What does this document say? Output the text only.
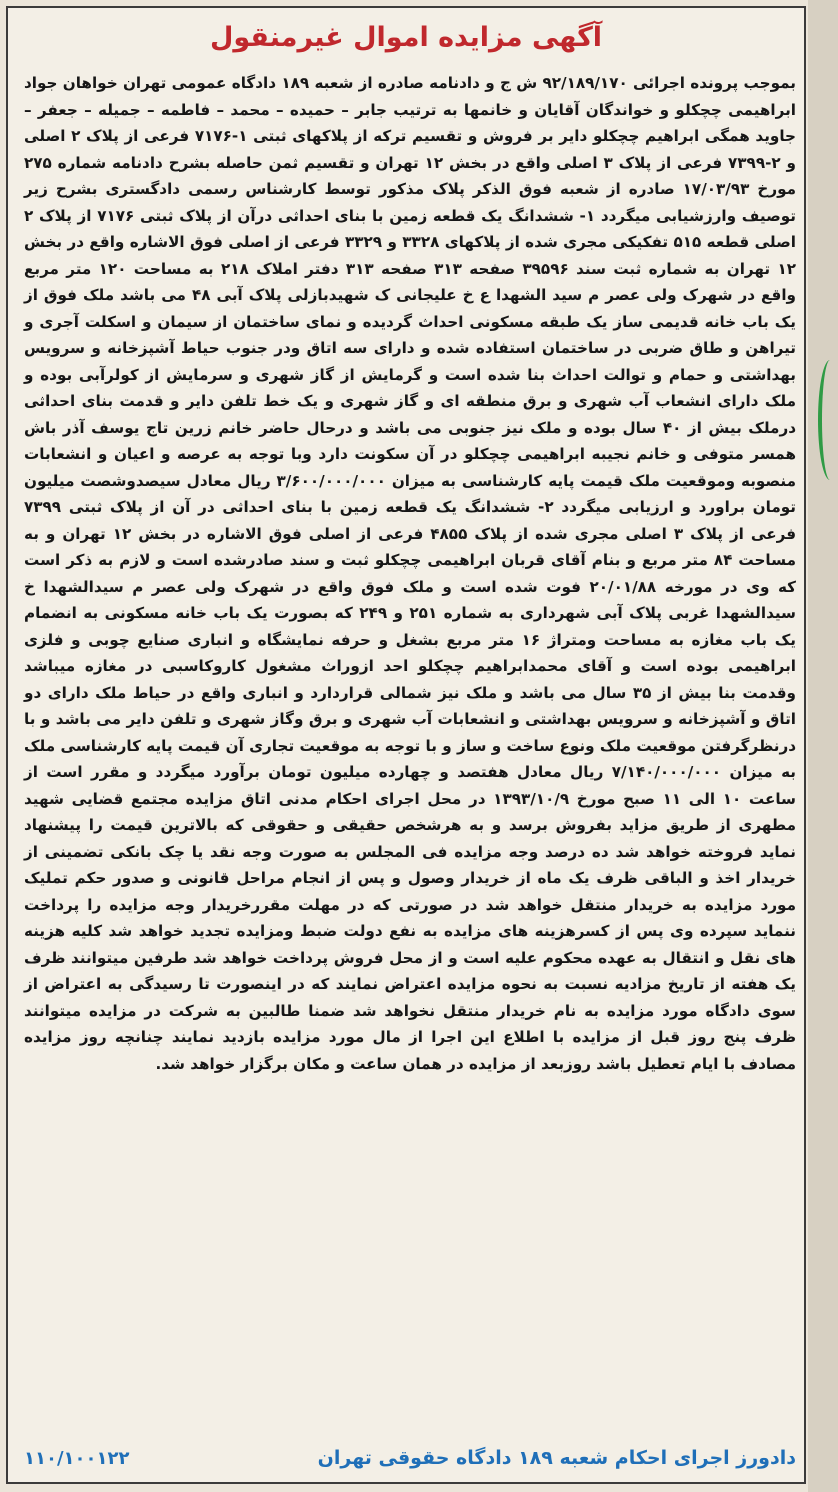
آگهی مزایده اموال غیرمنقول
بموجب پرونده اجرائی ۹۲/۱۸۹/۱۷۰ ش ج و دادنامه صادره از شعبه ۱۸۹ دادگاه عمومی تهران خواهان جواد ابراهیمی چچکلو و خواندگان آقایان و خانمها به ترتیب جابر – حمیده – محمد – فاطمه – جمیله – جعفر – جاوید همگی ابراهیم چچکلو دایر بر فروش و تقسیم ترکه از پلاکهای ثبتی ۱-۷۱۷۶ فرعی از پلاک ۲ اصلی و ۲-۷۳۹۹ فرعی از پلاک ۳ اصلی واقع در بخش ۱۲ تهران و تقسیم ثمن حاصله بشرح دادنامه شماره ۲۷۵ مورخ ۱۷/۰۳/۹۳ صادره از شعبه فوق الذکر پلاک مذکور توسط کارشناس رسمی دادگستری بشرح زیر توصیف وارزشیابی میگردد ۱- ششدانگ یک قطعه زمین با بنای احداثی درآن از پلاک ثبتی ۷۱۷۶ از پلاک ۲ اصلی قطعه ۵۱۵ تفکیکی مجری شده از پلاکهای ۳۳۲۸ و ۳۳۲۹ فرعی از اصلی فوق الاشاره واقع در بخش ۱۲ تهران به شماره ثبت سند ۳۹۵۹۶ صفحه ۳۱۳ صفحه ۳۱۳ دفتر املاک ۲۱۸ به مساحت ۱۲۰ متر مربع واقع در شهرک ولی عصر م سید الشهدا ع خ علیجانی ک شهیدبازلی پلاک آبی ۴۸ می باشد ملک فوق از یک باب خانه قدیمی ساز یک طبقه مسکونی احداث گردیده و نمای ساختمان از سیمان و اسکلت آجری و تیراهن و طاق ضربی در ساختمان استفاده شده و دارای سه اتاق ودر جنوب حیاط آشپزخانه و سرویس بهداشتی و حمام و توالت احداث بنا شده است و گرمایش از گاز شهری و سرمایش از کولرآبی بوده و ملک دارای انشعاب آب شهری و برق منطقه ای و گاز شهری و یک خط تلفن دایر و قدمت بنای احداثی درملک بیش از ۴۰ سال بوده و ملک نیز جنوبی می باشد و درحال حاضر خانم زرین تاج یوسف آذر باش همسر متوفی و خانم نجیبه ابراهیمی چچکلو در آن سکونت دارد وبا توجه به عرصه و اعیان و انشعابات منصوبه وموقعیت ملک قیمت پایه کارشناسی به میزان ۳/۶۰۰/۰۰۰/۰۰۰ ریال معادل سیصدوشصت میلیون تومان براورد و ارزیابی میگردد ۲- ششدانگ یک قطعه زمین با بنای احداثی در آن از پلاک ثبتی ۷۳۹۹ فرعی از پلاک ۳ اصلی مجری شده از پلاک ۴۸۵۵ فرعی از اصلی فوق الاشاره در بخش ۱۲ تهران و به مساحت ۸۴ متر مربع و بنام آقای قربان ابراهیمی چچکلو ثبت و سند صادرشده است و لازم به ذکر است که وی در مورخه ۲۰/۰۱/۸۸ فوت شده است و ملک فوق واقع در شهرک ولی عصر م سیدالشهدا خ سیدالشهدا غربی پلاک آبی شهرداری به شماره ۲۵۱ و ۲۴۹ که بصورت یک باب خانه مسکونی به انضمام یک باب مغازه به مساحت ومتراژ ۱۶ متر مربع بشغل و حرفه نمایشگاه و انباری صنایع چوبی و فلزی ابراهیمی بوده است و آقای محمدابراهیم چچکلو احد ازوراث مشغول کاروکاسبی در مغازه میباشد وقدمت بنا بیش از ۳۵ سال می باشد و ملک نیز شمالی قراردارد و انباری واقع در حیاط ملک دارای دو اتاق و آشپزخانه و سرویس بهداشتی و انشعابات آب شهری و برق وگاز شهری و تلفن دایر می باشد و با درنظرگرفتن موقعیت ملک ونوع ساخت و ساز و با توجه به موقعیت تجاری آن قیمت پایه کارشناسی ملک به میزان ۷/۱۴۰/۰۰۰/۰۰۰ ریال معادل هفتصد و چهارده میلیون تومان برآورد میگردد و مقرر است از ساعت ۱۰ الی ۱۱ صبح مورخ ۱۳۹۳/۱۰/۹ در محل اجرای احکام مدنی اتاق مزایده مجتمع قضایی شهید مطهری از طریق مزاید بفروش برسد و به هرشخص حقیقی و حقوقی که بالاترین قیمت را پیشنهاد نماید فروخته خواهد شد ده درصد وجه مزایده فی المجلس به صورت وجه نقد یا چک بانکی تضمینی از خریدار اخذ و الباقی ظرف یک ماه از خریدار وصول و پس از انجام مراحل قانونی و صدور حکم تملیک مورد مزایده به خریدار منتقل خواهد شد در صورتی که در مهلت مقررخریدار وجه مزایده را پرداخت ننماید سپرده وی پس از کسرهزینه های مزایده به نفع دولت ضبط ومزایده تجدید خواهد شد کلیه هزینه های نقل و انتقال به عهده محکوم علیه است و از محل فروش پرداخت خواهد شد طرفین میتوانند ظرف یک هفته از تاریخ مزادیه نسبت به نحوه مزایده اعتراض نمایند که در اینصورت تا رسیدگی به اعتراض از سوی دادگاه مورد مزایده به نام خریدار منتقل نخواهد شد ضمنا طالبین به شرکت در مزایده میتوانند ظرف پنج روز قبل از مزایده با اطلاع این اجرا از مال مورد مزایده بازدید نمایند چنانچه روز مزایده مصادف با ایام تعطیل باشد روزبعد از مزایده در همان ساعت و مکان برگزار خواهد شد.
دادورز اجرای احکام شعبه ۱۸۹ دادگاه حقوقی تهران
۱۱۰/۱۰۰۱۲۲
